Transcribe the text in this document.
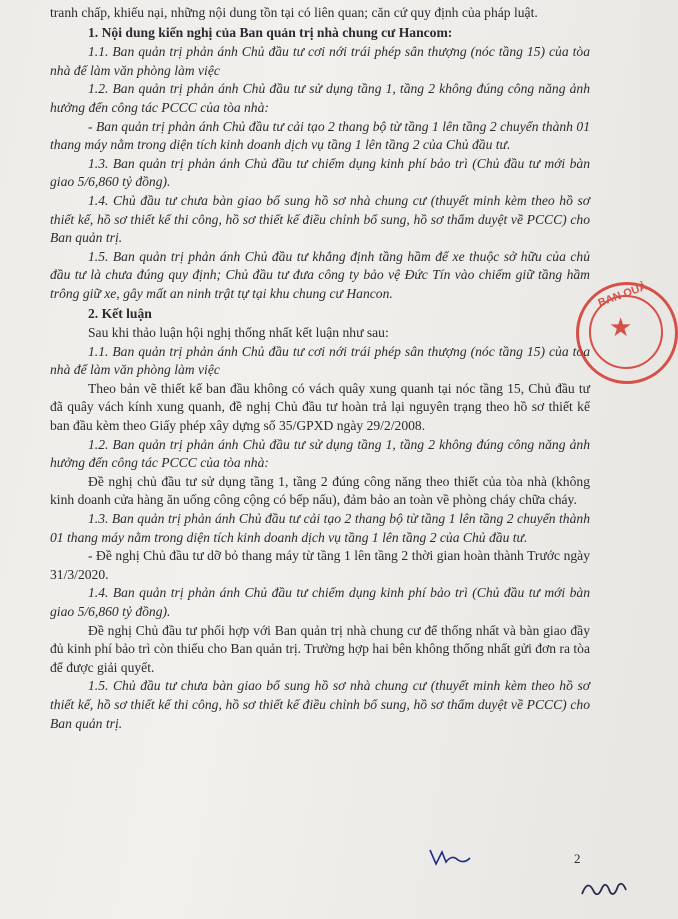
tranh chấp, khiếu nại, những nội dung tồn tại có liên quan; căn cứ quy định của pháp luật.

1. Nội dung kiến nghị của Ban quản trị nhà chung cư Hancom:

1.1. Ban quản trị phản ánh Chủ đầu tư cơi nới trái phép sân thượng (nóc tầng 15) của tòa nhà để làm văn phòng làm việc

1.2. Ban quản trị phản ánh Chủ đầu tư sử dụng tầng 1, tầng 2 không đúng công năng ảnh hưởng đến công tác PCCC của tòa nhà:

- Ban quản trị phản ánh Chủ đầu tư cải tạo 2 thang bộ từ tầng 1 lên tầng 2 chuyển thành 01 thang máy nằm trong diện tích kinh doanh dịch vụ tầng 1 lên tầng 2 của Chủ đầu tư.

1.3. Ban quản trị phản ánh Chủ đầu tư chiếm dụng kinh phí bảo trì (Chủ đầu tư mới bàn giao 5/6,860 tỷ đồng).

1.4. Chủ đầu tư chưa bàn giao bổ sung hồ sơ nhà chung cư (thuyết minh kèm theo hồ sơ thiết kế, hồ sơ thiết kế thi công, hồ sơ thiết kế điều chỉnh bổ sung, hồ sơ thẩm duyệt về PCCC) cho Ban quản trị.

1.5. Ban quản trị phản ánh Chủ đầu tư khẳng định tầng hầm để xe thuộc sở hữu của chủ đầu tư là chưa đúng quy định; Chủ đầu tư đưa công ty bảo vệ Đức Tín vào chiếm giữ tầng hầm trông giữ xe, gây mất an ninh trật tự tại khu chung cư Hancon.

2. Kết luận

Sau khi thảo luận hội nghị thống nhất kết luận như sau:

1.1. Ban quản trị phản ánh Chủ đầu tư cơi nới trái phép sân thượng (nóc tầng 15) của tòa nhà để làm văn phòng làm việc

Theo bản vẽ thiết kế ban đầu không có vách quây xung quanh tại nóc tầng 15, Chủ đầu tư đã quây vách kính xung quanh, đề nghị Chủ đầu tư hoàn trả lại nguyên trạng theo hồ sơ thiết kế ban đầu kèm theo Giấy phép xây dựng số 35/GPXD ngày 29/2/2008.

1.2. Ban quản trị phản ánh Chủ đầu tư sử dụng tầng 1, tầng 2 không đúng công năng ảnh hưởng đến công tác PCCC của tòa nhà:

Đề nghị chủ đầu tư sử dụng tầng 1, tầng 2 đúng công năng theo thiết của tòa nhà (không kinh doanh cửa hàng ăn uống công cộng có bếp nấu), đảm bảo an toàn về phòng cháy chữa cháy.

1.3. Ban quản trị phản ánh Chủ đầu tư cải tạo 2 thang bộ từ tầng 1 lên tầng 2 chuyển thành 01 thang máy nằm trong diện tích kinh doanh dịch vụ tầng 1 lên tầng 2 của Chủ đầu tư.

- Đề nghị Chủ đầu tư dỡ bỏ thang máy từ tầng 1 lên tầng 2 thời gian hoàn thành Trước ngày 31/3/2020.

1.4. Ban quản trị phản ánh Chủ đầu tư chiếm dụng kinh phí bảo trì (Chủ đầu tư mới bàn giao 5/6,860 tỷ đồng).

Đề nghị Chủ đầu tư phối hợp với Ban quản trị nhà chung cư để thống nhất và bàn giao đầy đủ kinh phí bảo trì còn thiếu cho Ban quản trị. Trường hợp hai bên không thống nhất gửi đơn ra tòa để được giải quyết.

1.5. Chủ đầu tư chưa bàn giao bổ sung hồ sơ nhà chung cư (thuyết minh kèm theo hồ sơ thiết kế, hồ sơ thiết kế thi công, hồ sơ thiết kế điều chỉnh bổ sung, hồ sơ thẩm duyệt về PCCC) cho Ban quản trị.

BAN QUẢ
★
2
